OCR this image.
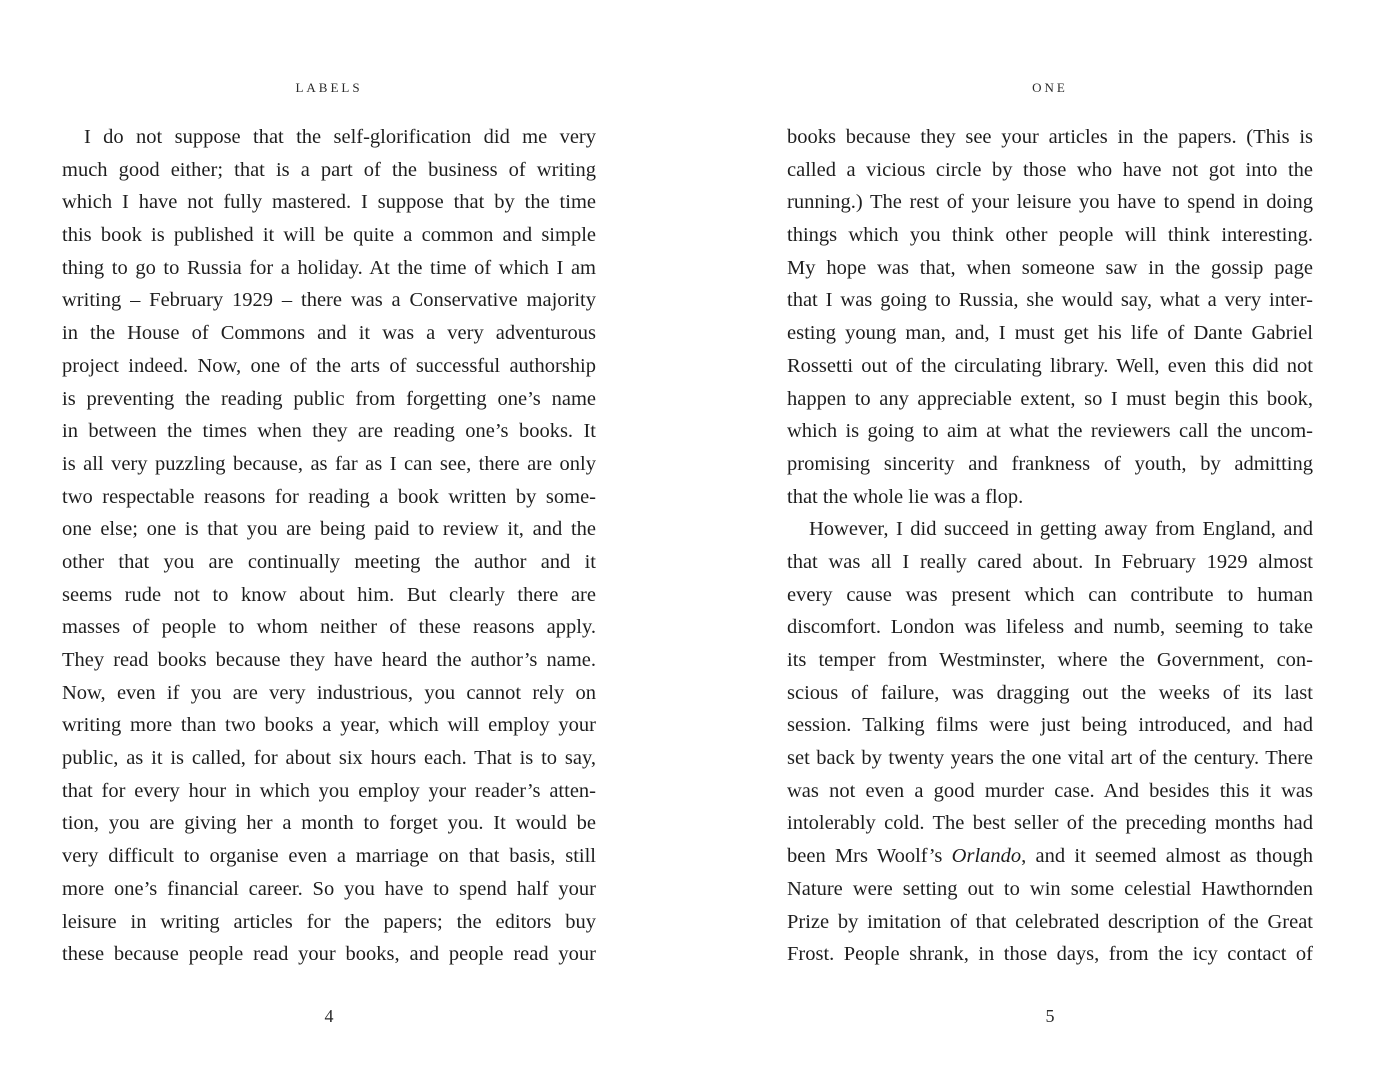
LABELS
I do not suppose that the self-glorification did me very
much good either; that is a part of the business of writing
which I have not fully mastered. I suppose that by the time
this book is published it will be quite a common and simple
thing to go to Russia for a holiday. At the time of which I am
writing – February 1929 – there was a Conservative majority
in the House of Commons and it was a very adventurous
project indeed. Now, one of the arts of successful authorship
is preventing the reading public from forgetting one’s name
in between the times when they are reading one’s books. It
is all very puzzling because, as far as I can see, there are only
two respectable reasons for reading a book written by some-
one else; one is that you are being paid to review it, and the
other that you are continually meeting the author and it
seems rude not to know about him. But clearly there are
masses of people to whom neither of these reasons apply.
They read books because they have heard the author’s name.
Now, even if you are very industrious, you cannot rely on
writing more than two books a year, which will employ your
public, as it is called, for about six hours each. That is to say,
that for every hour in which you employ your reader’s atten-
tion, you are giving her a month to forget you. It would be
very difficult to organise even a marriage on that basis, still
more one’s financial career. So you have to spend half your
leisure in writing articles for the papers; the editors buy
these because people read your books, and people read your
4
ONE
books because they see your articles in the papers. (This is
called a vicious circle by those who have not got into the
running.) The rest of your leisure you have to spend in doing
things which you think other people will think interesting.
My hope was that, when someone saw in the gossip page
that I was going to Russia, she would say, what a very inter-
esting young man, and, I must get his life of Dante Gabriel
Rossetti out of the circulating library. Well, even this did not
happen to any appreciable extent, so I must begin this book,
which is going to aim at what the reviewers call the uncom-
promising sincerity and frankness of youth, by admitting
that the whole lie was a flop.
However, I did succeed in getting away from England, and
that was all I really cared about. In February 1929 almost
every cause was present which can contribute to human
discomfort. London was lifeless and numb, seeming to take
its temper from Westminster, where the Government, con-
scious of failure, was dragging out the weeks of its last
session. Talking films were just being introduced, and had
set back by twenty years the one vital art of the century. There
was not even a good murder case. And besides this it was
intolerably cold. The best seller of the preceding months had
been Mrs Woolf’s Orlando, and it seemed almost as though
Nature were setting out to win some celestial Hawthornden
Prize by imitation of that celebrated description of the Great
Frost. People shrank, in those days, from the icy contact of
5
